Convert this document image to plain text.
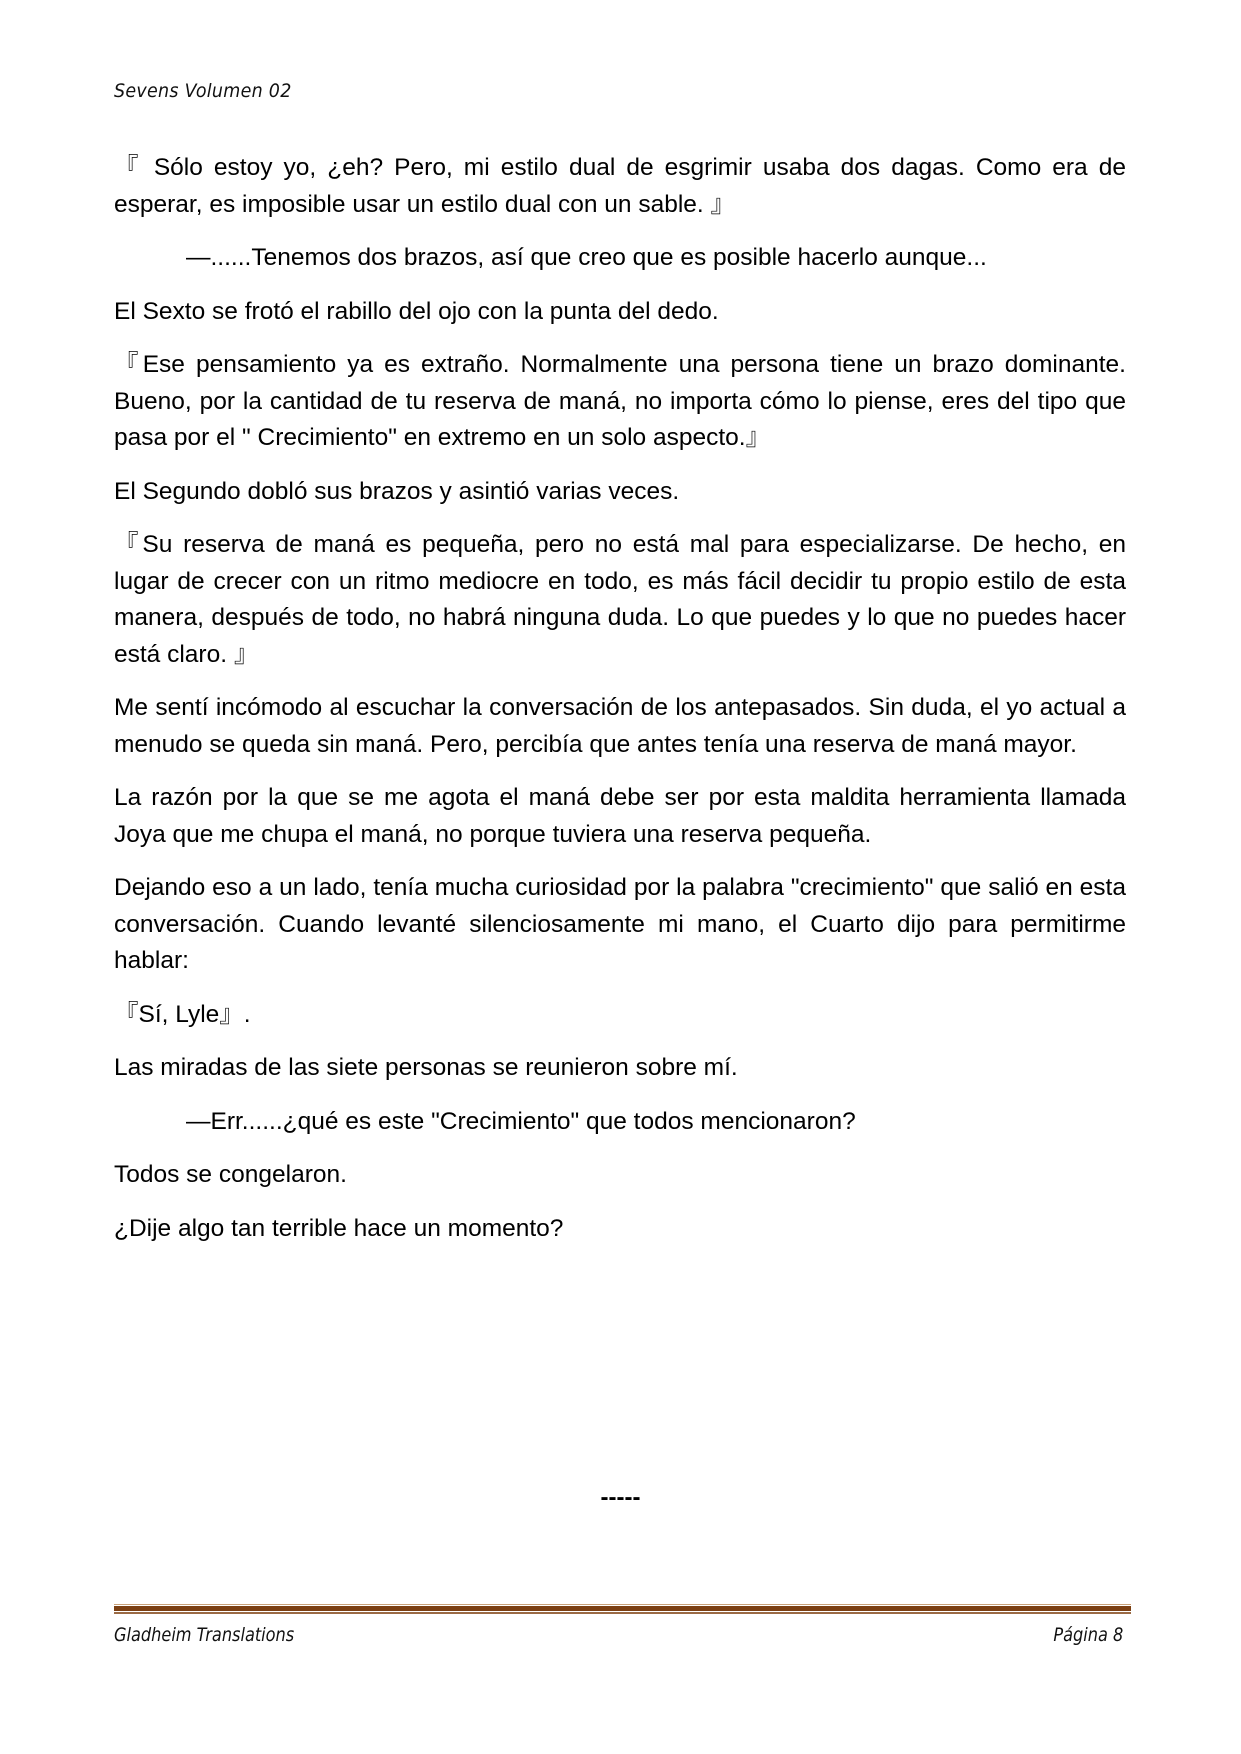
Sevens Volumen 02

『 Sólo estoy yo, ¿eh? Pero, mi estilo dual de esgrimir usaba dos dagas. Como era de esperar, es imposible usar un estilo dual con un sable. 』

—......Tenemos dos brazos, así que creo que es posible hacerlo aunque...

El Sexto se frotó el rabillo del ojo con la punta del dedo.

『Ese pensamiento ya es extraño. Normalmente una persona tiene un brazo dominante. Bueno, por la cantidad de tu reserva de maná, no importa cómo lo piense, eres del tipo que pasa por el " Crecimiento" en extremo en un solo aspecto.』

El Segundo dobló sus brazos y asintió varias veces.

『Su reserva de maná es pequeña, pero no está mal para especializarse. De hecho, en lugar de crecer con un ritmo mediocre en todo, es más fácil decidir tu propio estilo de esta manera, después de todo, no habrá ninguna duda. Lo que puedes y lo que no puedes hacer está claro. 』

Me sentí incómodo al escuchar la conversación de los antepasados. Sin duda, el yo actual a menudo se queda sin maná. Pero, percibía que antes tenía una reserva de maná mayor.

La razón por la que se me agota el maná debe ser por esta maldita herramienta llamada Joya que me chupa el maná, no porque tuviera una reserva pequeña.

Dejando eso a un lado, tenía mucha curiosidad por la palabra "crecimiento" que salió en esta conversación. Cuando levanté silenciosamente mi mano, el Cuarto dijo para permitirme hablar:

『Sí, Lyle』.

Las miradas de las siete personas se reunieron sobre mí.

—Err......¿qué es este "Crecimiento" que todos mencionaron?

Todos se congelaron.

¿Dije algo tan terrible hace un momento?

-----
Gladheim Translations	Página 8
